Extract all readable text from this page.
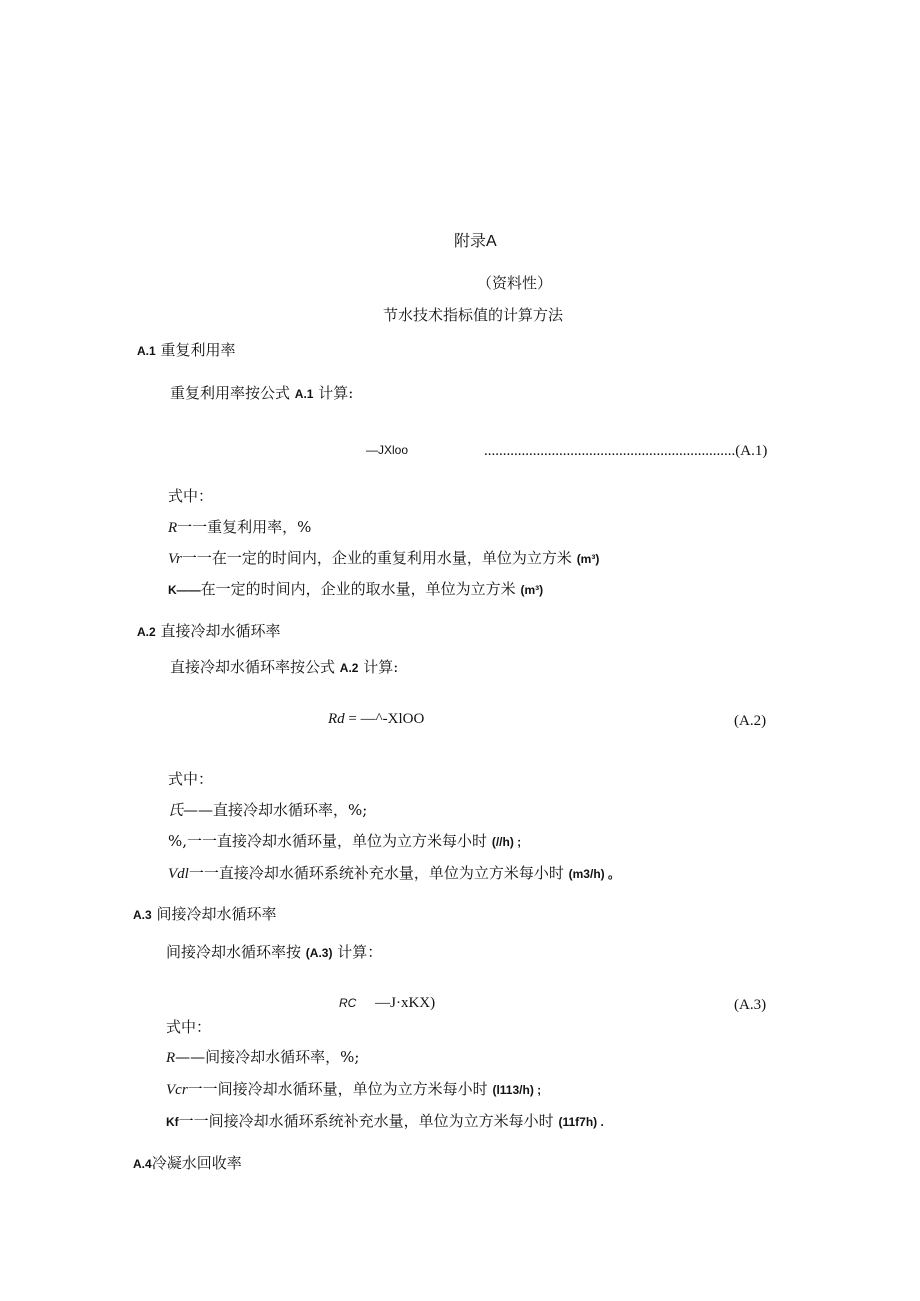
附录A
（资料性）
节水技术指标值的计算方法
A.1 重复利用率
重复利用率按公式 A.1 计算:
—JXloo	...................................................................(A.1)
式中：
R一一重复利用率，%
Vr一一在一定的时间内，企业的重复利用水量，单位为立方米 (m³)
K——在一定的时间内，企业的取水量，单位为立方米 (m³)
A.2 直接冷却水循环率
直接冷却水循环率按公式 A.2 计算:
Rd = —^-XlOO	(A.2)
式中：
氏——直接冷却水循环率，%;
%,一一直接冷却水循环量，单位为立方米每小时 (//h) ;
Vdl一一直接冷却水循环系统补充水量，单位为立方米每小时 (m3/h) 。
A.3 间接冷却水循环率
间接冷却水循环率按 (A.3) 计算：
RC —J·xKX)	(A.3)
式中：
R——间接冷却水循环率，%;
Vcr一一间接冷却水循环量，单位为立方米每小时 (l113/h) ;
Kf一一间接冷却水循环系统补充水量，单位为立方米每小时 (11f7h) .
A.4冷凝水回收率
